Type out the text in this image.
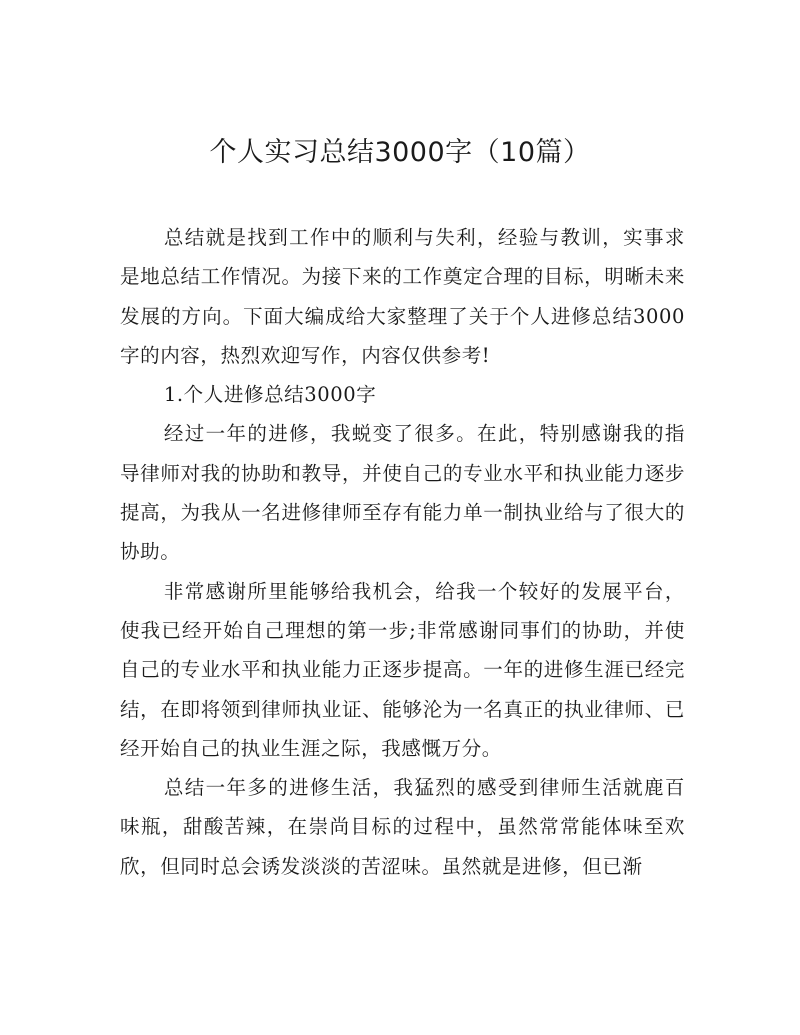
个人实习总结3000字（10篇）

总结就是找到工作中的顺利与失利，经验与教训，实事求是地总结工作情况。为接下来的工作奠定合理的目标，明晰未来发展的方向。下面大编成给大家整理了关于个人进修总结3000字的内容，热烈欢迎写作，内容仅供参考!

1.个人进修总结3000字

经过一年的进修，我蜕变了很多。在此，特别感谢我的指导律师对我的协助和教导，并使自己的专业水平和执业能力逐步提高，为我从一名进修律师至存有能力单一制执业给与了很大的协助。

非常感谢所里能够给我机会，给我一个较好的发展平台，使我已经开始自己理想的第一步;非常感谢同事们的协助，并使自己的专业水平和执业能力正逐步提高。一年的进修生涯已经完结，在即将领到律师执业证、能够沦为一名真正的执业律师、已经开始自己的执业生涯之际，我感慨万分。

总结一年多的进修生活，我猛烈的感受到律师生活就鹿百味瓶，甜酸苦辣，在崇尚目标的过程中，虽然常常能体味至欢欣，但同时总会诱发淡淡的苦涩味。虽然就是进修，但已渐
